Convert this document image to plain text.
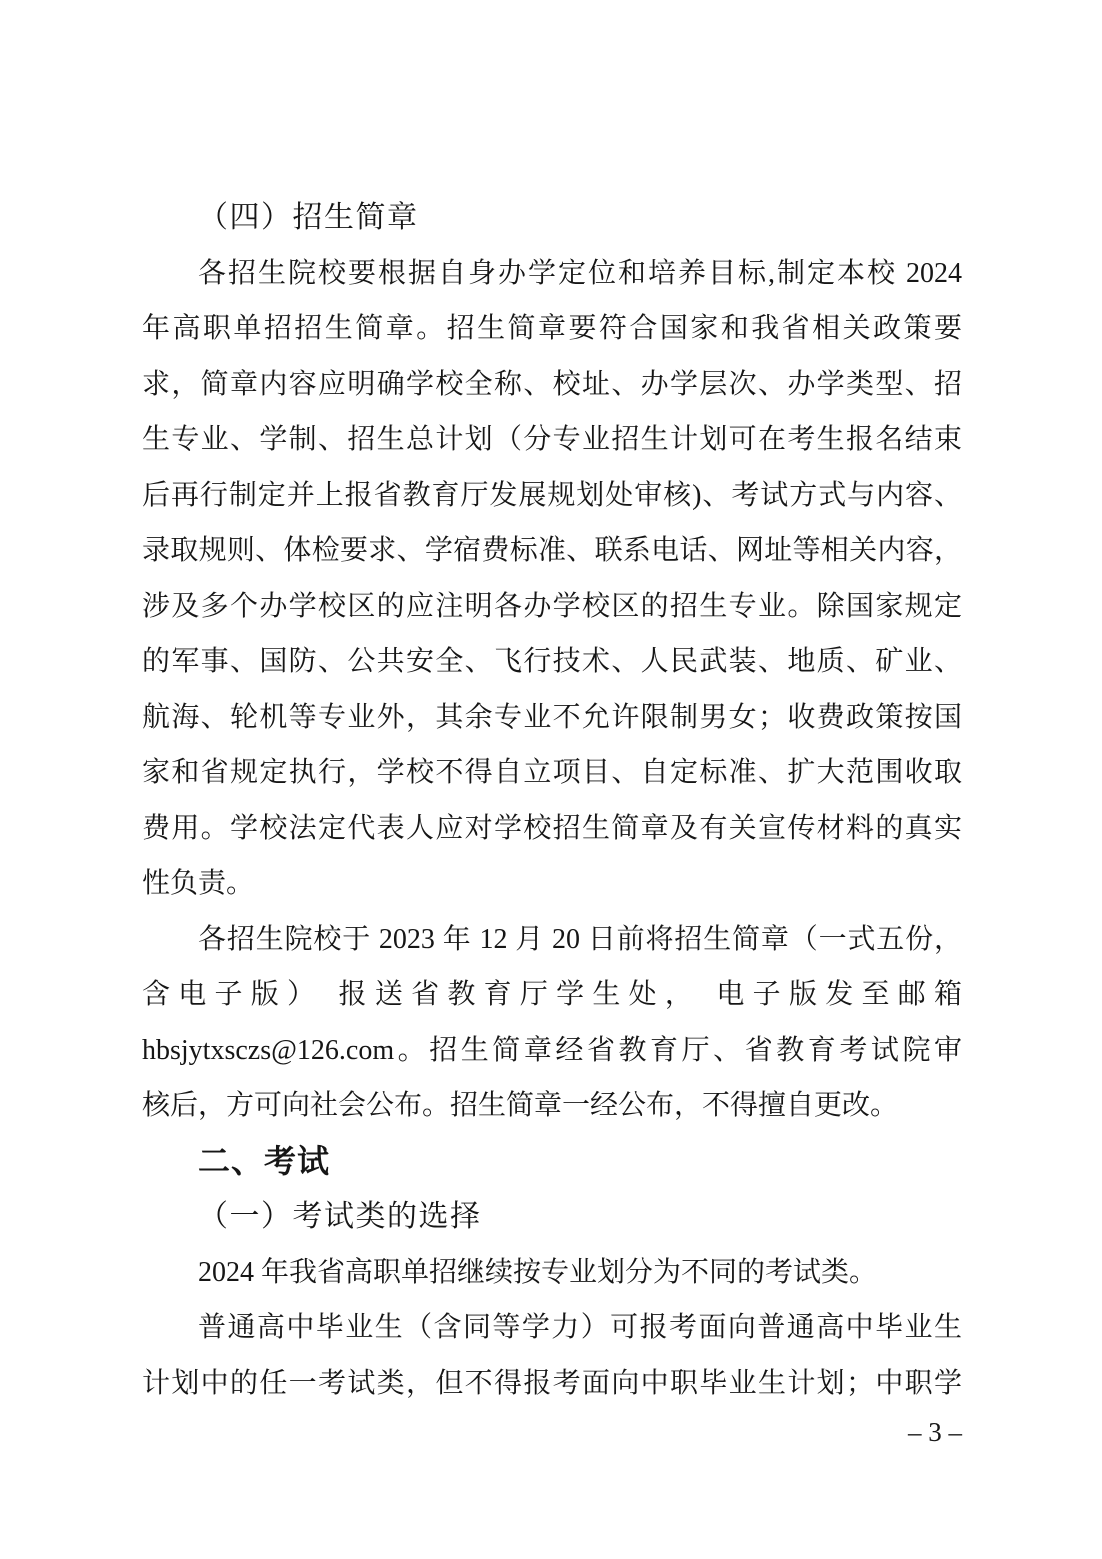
（四）招生简章
各招生院校要根据自身办学定位和培养目标,制定本校 2024
年高职单招招生简章。招生简章要符合国家和我省相关政策要
求，简章内容应明确学校全称、校址、办学层次、办学类型、招
生专业、学制、招生总计划（分专业招生计划可在考生报名结束
后再行制定并上报省教育厅发展规划处审核)、考试方式与内容、
录取规则、体检要求、学宿费标准、联系电话、网址等相关内容，
涉及多个办学校区的应注明各办学校区的招生专业。除国家规定
的军事、国防、公共安全、飞行技术、人民武装、地质、矿业、
航海、轮机等专业外，其余专业不允许限制男女；收费政策按国
家和省规定执行，学校不得自立项目、自定标准、扩大范围收取
费用。学校法定代表人应对学校招生简章及有关宣传材料的真实
性负责。
各招生院校于 2023 年 12 月 20 日前将招生简章（一式五份，
含电子版） 报送省教育厅学生处， 电子版发至邮箱
hbsjytxsczs@126.com。招生简章经省教育厅、省教育考试院审
核后，方可向社会公布。招生简章一经公布，不得擅自更改。
二、考试
（一）考试类的选择
2024 年我省高职单招继续按专业划分为不同的考试类。
普通高中毕业生（含同等学力）可报考面向普通高中毕业生
计划中的任一考试类，但不得报考面向中职毕业生计划；中职学
– 3 –
